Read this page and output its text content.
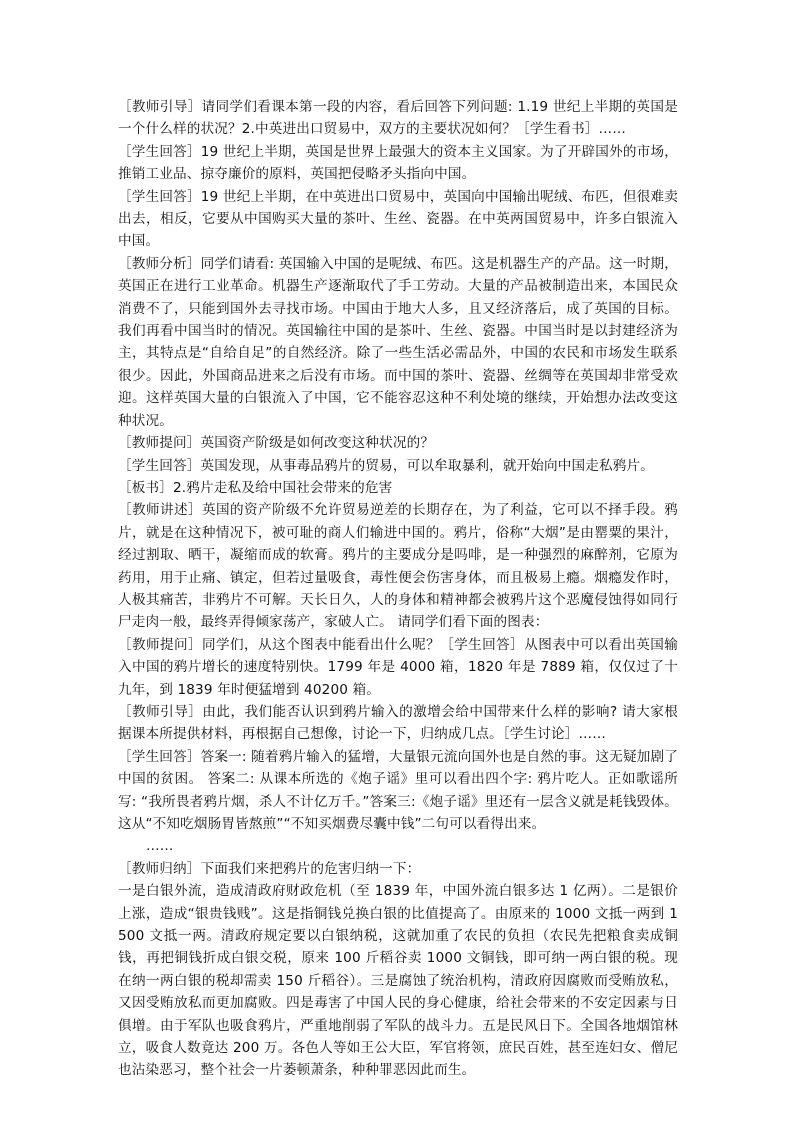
［教师引导］请同学们看课本第一段的内容，看后回答下列问题: 1.19 世纪上半期的英国是一个什么样的状况？2.中英进出口贸易中，双方的主要状况如何？［学生看书］……

［学生回答］19 世纪上半期，英国是世界上最强大的资本主义国家。为了开辟国外的市场，推销工业品、掠夺廉价的原料，英国把侵略矛头指向中国。

［学生回答］19 世纪上半期，在中英进出口贸易中，英国向中国输出呢绒、布匹，但很难卖出去，相反，它要从中国购买大量的茶叶、生丝、瓷器。在中英两国贸易中，许多白银流入中国。

［教师分析］同学们请看: 英国输入中国的是呢绒、布匹。这是机器生产的产品。这一时期，英国正在进行工业革命。机器生产逐渐取代了手工劳动。大量的产品被制造出来，本国民众消费不了，只能到国外去寻找市场。中国由于地大人多，且又经济落后，成了英国的目标。我们再看中国当时的情况。英国输往中国的是茶叶、生丝、瓷器。中国当时是以封建经济为主，其特点是“自给自足”的自然经济。除了一些生活必需品外，中国的农民和市场发生联系很少。因此，外国商品进来之后没有市场。而中国的茶叶、瓷器、丝绸等在英国却非常受欢迎。这样英国大量的白银流入了中国，它不能容忍这种不利处境的继续，开始想办法改变这种状况。

［教师提问］英国资产阶级是如何改变这种状况的？

［学生回答］英国发现，从事毒品鸦片的贸易，可以牟取暴利，就开始向中国走私鸦片。

［板书］2.鸦片走私及给中国社会带来的危害

［教师讲述］英国的资产阶级不允许贸易逆差的长期存在，为了利益，它可以不择手段。鸦片，就是在这种情况下，被可耻的商人们输进中国的。鸦片，俗称“大烟”是由罂粟的果汁，经过割取、晒干，凝缩而成的软膏。鸦片的主要成分是吗啡，是一种强烈的麻醉剂，它原为药用，用于止痛、镇定，但若过量吸食，毒性便会伤害身体，而且极易上瘾。烟瘾发作时，人极其痛苦，非鸦片不可解。天长日久，人的身体和精神都会被鸦片这个恶魔侵蚀得如同行尸走肉一般，最终弄得倾家荡产，家破人亡。 请同学们看下面的图表：

［教师提问］同学们，从这个图表中能看出什么呢？［学生回答］从图表中可以看出英国输入中国的鸦片增长的速度特别快。1799 年是 4000 箱，1820 年是 7889 箱，仅仅过了十九年，到 1839 年时便猛增到 40200 箱。

［教师引导］由此，我们能否认识到鸦片输入的激增会给中国带来什么样的影响? 请大家根据课本所提供材料，再根据自己想像，讨论一下，归纳成几点。［学生讨论］……

［学生回答］答案一: 随着鸦片输入的猛增，大量银元流向国外也是自然的事。这无疑加剧了中国的贫困。 答案二: 从课本所选的《炮子谣》里可以看出四个字: 鸦片吃人。正如歌谣所写: “我所畏者鸦片烟，杀人不计亿万千。”答案三:《炮子谣》里还有一层含义就是耗钱毁体。这从“不知吃烟肠胃皆熬煎”“不知买烟费尽囊中钱”二句可以看得出来。

……

［教师归纳］下面我们来把鸦片的危害归纳一下：

一是白银外流，造成清政府财政危机（至 1839 年，中国外流白银多达 1 亿两）。二是银价上涨，造成“银贵钱贱”。这是指铜钱兑换白银的比值提高了。由原来的 1000 文抵一两到 1500 文抵一两。清政府规定要以白银纳税，这就加重了农民的负担（农民先把粮食卖成铜钱，再把铜钱折成白银交税，原来 100 斤稻谷卖 1000 文铜钱，即可纳一两白银的税。现在纳一两白银的税却需卖 150 斤稻谷）。三是腐蚀了统治机构，清政府因腐败而受贿放私，又因受贿放私而更加腐败。四是毒害了中国人民的身心健康，给社会带来的不安定因素与日俱增。由于军队也吸食鸦片，严重地削弱了军队的战斗力。五是民风日下。全国各地烟馆林立，吸食人数竟达 200 万。各色人等如王公大臣，军官将领，庶民百姓，甚至连妇女、僧尼也沾染恶习，整个社会一片萎顿萧条，种种罪恶因此而生。
